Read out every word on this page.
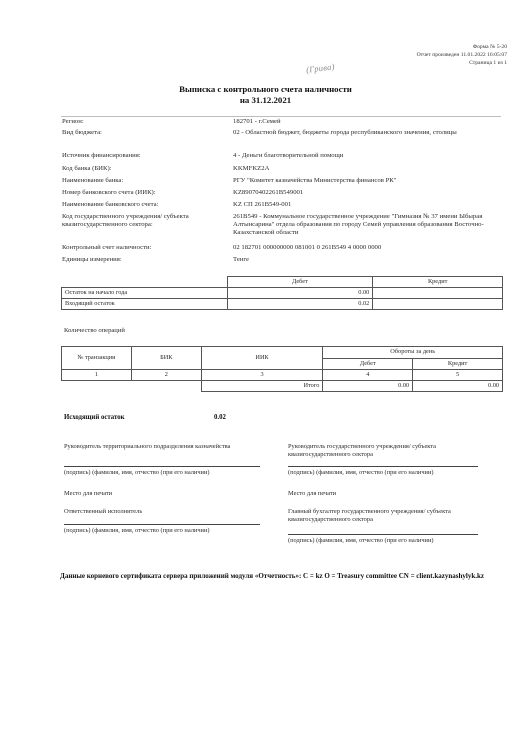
Форма № 5-20
Отчет произведен 11.01.2022 16:05:07
Страница 1 из 1
(Грива)
Выписка с контрольного счета наличности
на 31.12.2021
Регион:	182701 - г.Семей
Вид бюджета:	02 - Областной бюджет, бюджеты города республиканского значения, столицы
Источник финансирования:	4 - Деньги благотворительной помощи
Код банка (БИК):	KKMFKZ2A
Наименование банка:	РГУ "Комитет казначейства Министерства финансов РК"
Номер банковского счета (ИИК):	KZ89070402261B549001
Наименование банковского счета:	KZ СП 261B549-001
Код государственного учреждения/ субъекта квазигосударственного сектора:
261B549 - Коммунальное государственное учреждение "Гимназия № 37 имени Ыбырая Алтынсарина" отдела образования по городу Семей управления образования Восточно-Казахстанской области
Контрольный счет наличности:	02 182701 000000000 081001 0 261B549 4 0000 0000
Единицы измерения:	Тенге
	Дебет	Кредит
Остаток на начало года	0.00	
Входящий остаток	0.02	
Количество операций
№ транзакции	БИК	ИИК	Обороты за день	
			Дебет	Кредит
1	2	3	4	5
		Итого	0.00	0.00
Исходящий остаток	0.02
Руководитель территориального подразделения казначейства
(подпись) (фамилия, имя, отчество (при его наличии)
Место для печати
Ответственный исполнитель
(подпись) (фамилия, имя, отчество (при его наличии)
Руководитель государственного учреждения/ субъекта квазигосударственного сектора
(подпись) (фамилия, имя, отчество (при его наличии)
Место для печати
Главный бухгалтер государственного учреждения/ субъекта квазигосударственного сектора
(подпись) (фамилия, имя, отчество (при его наличии)
Данные корневого сертификата сервера приложений модуля «Отчетность»: C = kz O = Treasury committee CN = client.kazynashylyk.kz
